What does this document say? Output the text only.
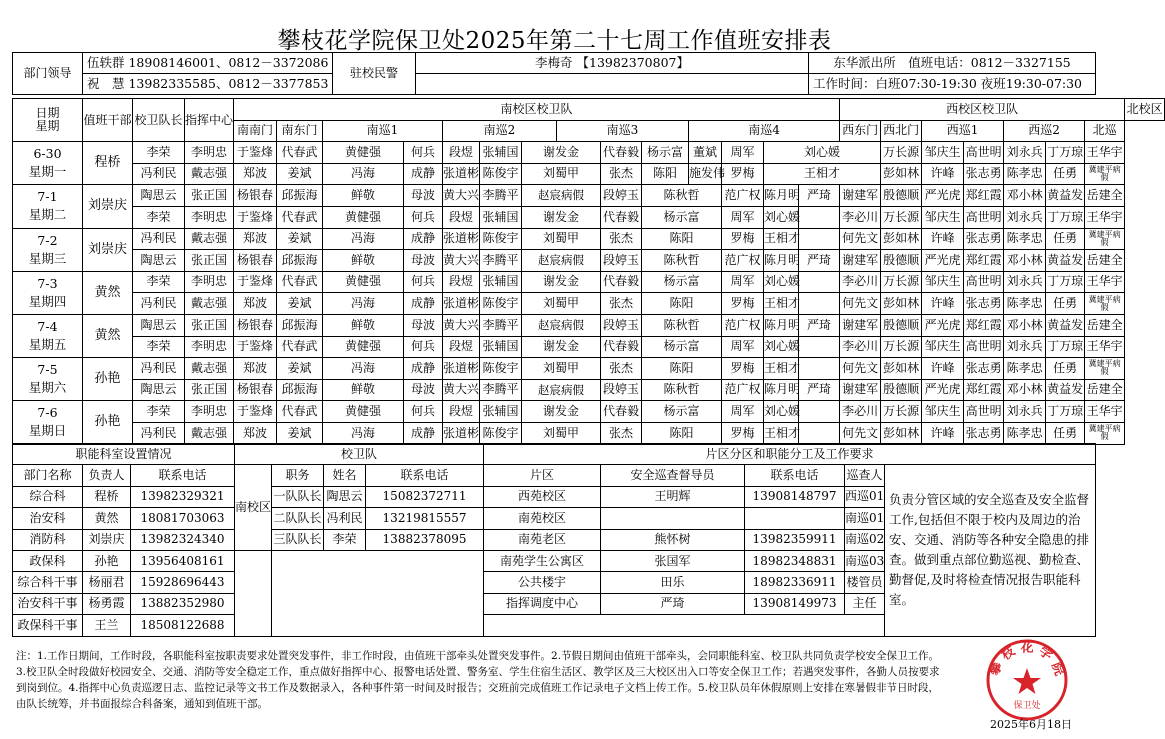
攀枝花学院保卫处2025年第二十七周工作值班安排表
部门领导	伍轶群 18908146001、0812－3372086	驻校民警	李梅奇 【13982370807】	东华派出所　值班电话：0812－3327155
	祝　慧 13982335585、0812－3377853			工作时间：白班07:30-19:30 夜班19:30-07:30
日期
星期	值班干部	校卫队长	指挥中心	南校区校卫队														西校区校卫队							北校区
				南南门	南东门	南巡1		南巡2			南巡3			南巡4				西东门	西北门	西巡1		西巡2		北巡	
6-30
星期一	程桥	李荣	李明忠	于鉴烽	代春武	黄健强	何兵	段煜	张辅国	谢发金		代春毅	杨示富	董斌	周军	刘心媛			万长源	邹庆生	高世明	刘永兵	丁万琼	王华宇	
		冯利民	戴志强	郑波	姜斌	冯海	成静	张道彬	陈俊宇	刘蜀甲		张杰	陈阳	施发伟	罗梅	王相才			彭如林	许峰	张志勇	陈孝忠	任勇	冀建平病假	
7-1
星期二	刘崇庆	陶思云	张正国	杨银春	邱振海	鲜敬	母波	黄大兴	李腾平	赵宸病假		段婷玉	陈秋哲		范广权	陈月明	严琦	谢建军	殷德顺	严光虎	郑红霞	邓小林	黄益发	岳建全	
		李荣	李明忠	于鉴烽	代春武	黄健强	何兵	段煜	张辅国	谢发金		代春毅	杨示富		周军	刘心媛		李必川	万长源	邹庆生	高世明	刘永兵	丁万琼	王华宇	
7-2
星期三	刘崇庆	冯利民	戴志强	郑波	姜斌	冯海	成静	张道彬	陈俊宇	刘蜀甲		张杰	陈阳		罗梅	王相才		何先文	彭如林	许峰	张志勇	陈孝忠	任勇	冀建平病假	
		陶思云	张正国	杨银春	邱振海	鲜敬	母波	黄大兴	李腾平	赵宸病假		段婷玉	陈秋哲		范广权	陈月明	严琦	谢建军	殷德顺	严光虎	郑红霞	邓小林	黄益发	岳建全	
7-3
星期四	黄然	李荣	李明忠	于鉴烽	代春武	黄健强	何兵	段煜	张辅国	谢发金		代春毅	杨示富		周军	刘心媛		李必川	万长源	邹庆生	高世明	刘永兵	丁万琼	王华宇	
		冯利民	戴志强	郑波	姜斌	冯海	成静	张道彬	陈俊宇	刘蜀甲		张杰	陈阳		罗梅	王相才		何先文	彭如林	许峰	张志勇	陈孝忠	任勇	冀建平病假	
7-4
星期五	黄然	陶思云	张正国	杨银春	邱振海	鲜敬	母波	黄大兴	李腾平	赵宸病假		段婷玉	陈秋哲		范广权	陈月明	严琦	谢建军	殷德顺	严光虎	郑红霞	邓小林	黄益发	岳建全	
		李荣	李明忠	于鉴烽	代春武	黄健强	何兵	段煜	张辅国	谢发金		代春毅	杨示富		周军	刘心媛		李必川	万长源	邹庆生	高世明	刘永兵	丁万琼	王华宇	
7-5
星期六	孙艳	冯利民	戴志强	郑波	姜斌	冯海	成静	张道彬	陈俊宇	刘蜀甲		张杰	陈阳		罗梅	王相才		何先文	彭如林	许峰	张志勇	陈孝忠	任勇	冀建平病假	
		陶思云	张正国	杨银春	邱振海	鲜敬	母波	黄大兴	李腾平	赵宸病假		段婷玉	陈秋哲		范广权	陈月明	严琦	谢建军	殷德顺	严光虎	郑红霞	邓小林	黄益发	岳建全	
7-6
星期日	孙艳	李荣	李明忠	于鉴烽	代春武	黄健强	何兵	段煜	张辅国	谢发金		代春毅	杨示富		周军	刘心媛		李必川	万长源	邹庆生	高世明	刘永兵	丁万琼	王华宇	
		冯利民	戴志强	郑波	姜斌	冯海	成静	张道彬	陈俊宇	刘蜀甲		张杰	陈阳		罗梅	王相才		何先文	彭如林	许峰	张志勇	陈孝忠	任勇	冀建平病假	
职能科室设置情况			校卫队				片区分区和职能分工及工作要求				
部门名称	负责人	联系电话	南校区	职务	姓名	联系电话	片区	安全巡查督导员	联系电话	巡查人	负责分管区域的安全巡查及安全监督工作,包括但不限于校内及周边的治安、交通、消防等各种安全隐患的排查。做到重点部位勤巡视、勤检查、勤督促,及时将检查情况报告职能科室。
综合科	程桥	13982329321		一队队长	陶思云	15082372711	西苑校区	王明辉	13908148797	西巡01	
治安科	黄然	18081703063		二队队长	冯利民	13219815557	南苑校区			南巡01	
消防科	刘崇庆	13982324340		三队队长	李荣	13882378095	南苑老区	熊怀树	13982359911	南巡02	
政保科	孙艳	13956408161					南苑学生公寓区	张国军	18982348831	南巡03	
综合科干事	杨丽君	15928696443					公共楼宇	田乐	18982336911	楼管员	
治安科干事	杨勇霞	13882352980					指挥调度中心	严琦	13908149973	主任	
政保科干事	王兰	18508122688									
注：1.工作日期间，工作时段，各职能科室按职责要求处置突发事件，非工作时段，由值班干部牵头处置突发事件。2.节假日期间由值班干部牵头，会同职能科室、校卫队共同负责学校安全保卫工作。3.校卫队全时段做好校园安全、交通、消防等安全稳定工作，重点做好指挥中心、报警电话处置、警务室、学生住宿生活区、教学区及三大校区出入口等安全保卫工作；若遇突发事件，各勤人员按要求到岗到位。4.指挥中心负责巡逻日志、监控记录等文书工作及数据录入，各种事件第一时间及时报告；交班前完成值班工作记录电子文档上传工作。5.校卫队员年休假原则上安排在寒暑假非节日时段，由队长统筹，并书面报综合科备案，通知到值班干部。
攀 枝 花 学 院
保卫处
2025年6月18日
